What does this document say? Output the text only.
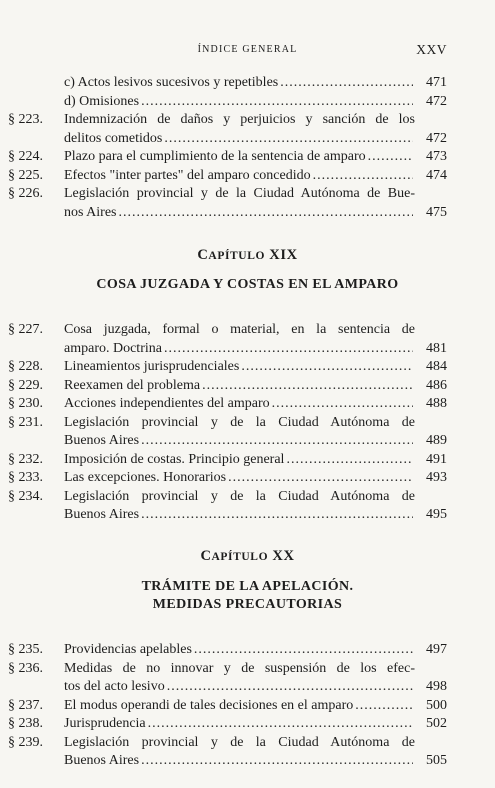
ÍNDICE GENERAL	XXV
c) Actos lesivos sucesivos y repetibles .....	471
d) Omisiones .....	472
§ 223.	Indemnización de daños y perjuicios y sanción de los
delitos cometidos .....	472
§ 224.	Plazo para el cumplimiento de la sentencia de amparo .....	473
§ 225.	Efectos "inter partes" del amparo concedido .....	474
§ 226.	Legislación provincial y de la Ciudad Autónoma de Bue-
nos Aires .....	475
CAPÍTULO XIX
COSA JUZGADA Y COSTAS EN EL AMPARO
§ 227.	Cosa juzgada, formal o material, en la sentencia de
amparo. Doctrina .....	481
§ 228.	Lineamientos jurisprudenciales .....	484
§ 229.	Reexamen del problema .....	486
§ 230.	Acciones independientes del amparo .....	488
§ 231.	Legislación provincial y de la Ciudad Autónoma de
Buenos Aires .....	489
§ 232.	Imposición de costas. Principio general .....	491
§ 233.	Las excepciones. Honorarios .....	493
§ 234.	Legislación provincial y de la Ciudad Autónoma de
Buenos Aires .....	495
CAPÍTULO XX
TRÁMITE DE LA APELACIÓN.
MEDIDAS PRECAUTORIAS
§ 235.	Providencias apelables .....	497
§ 236.	Medidas de no innovar y de suspensión de los efec-
tos del acto lesivo .....	498
§ 237.	El modus operandi de tales decisiones en el amparo .....	500
§ 238.	Jurisprudencia .....	502
§ 239.	Legislación provincial y de la Ciudad Autónoma de
Buenos Aires .....	505
